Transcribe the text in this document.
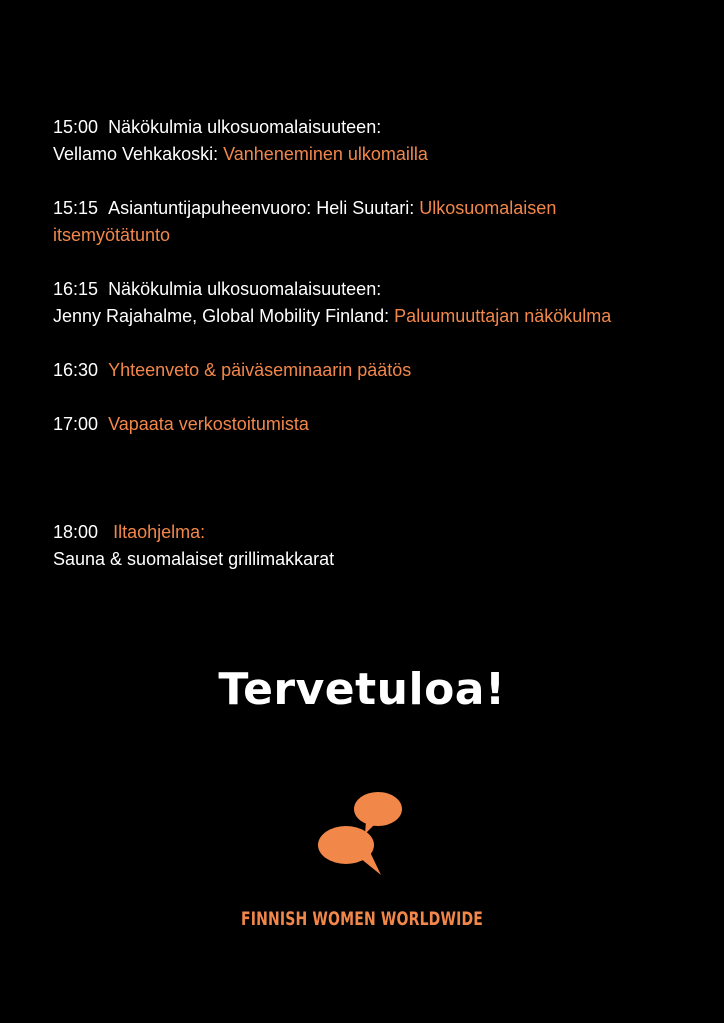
15:00 Näkökulmia ulkosuomalaisuuteen:
Vellamo Vehkakoski: Vanheneminen ulkomailla
15:15 Asiantuntijapuheenvuoro: Heli Suutari: Ulkosuomalaisen itsemyötätunto
16:15 Näkökulmia ulkosuomalaisuuteen:
Jenny Rajahalme, Global Mobility Finland: Paluumuuttajan näkökulma
16:30 Yhteenveto & päiväseminaarin päätös
17:00 Vapaata verkostoitumista
18:00 Iltaohjelma:
Sauna & suomalaiset grillimakkarat
Tervetuloa!
FINNISH WOMEN WORLDWIDE
